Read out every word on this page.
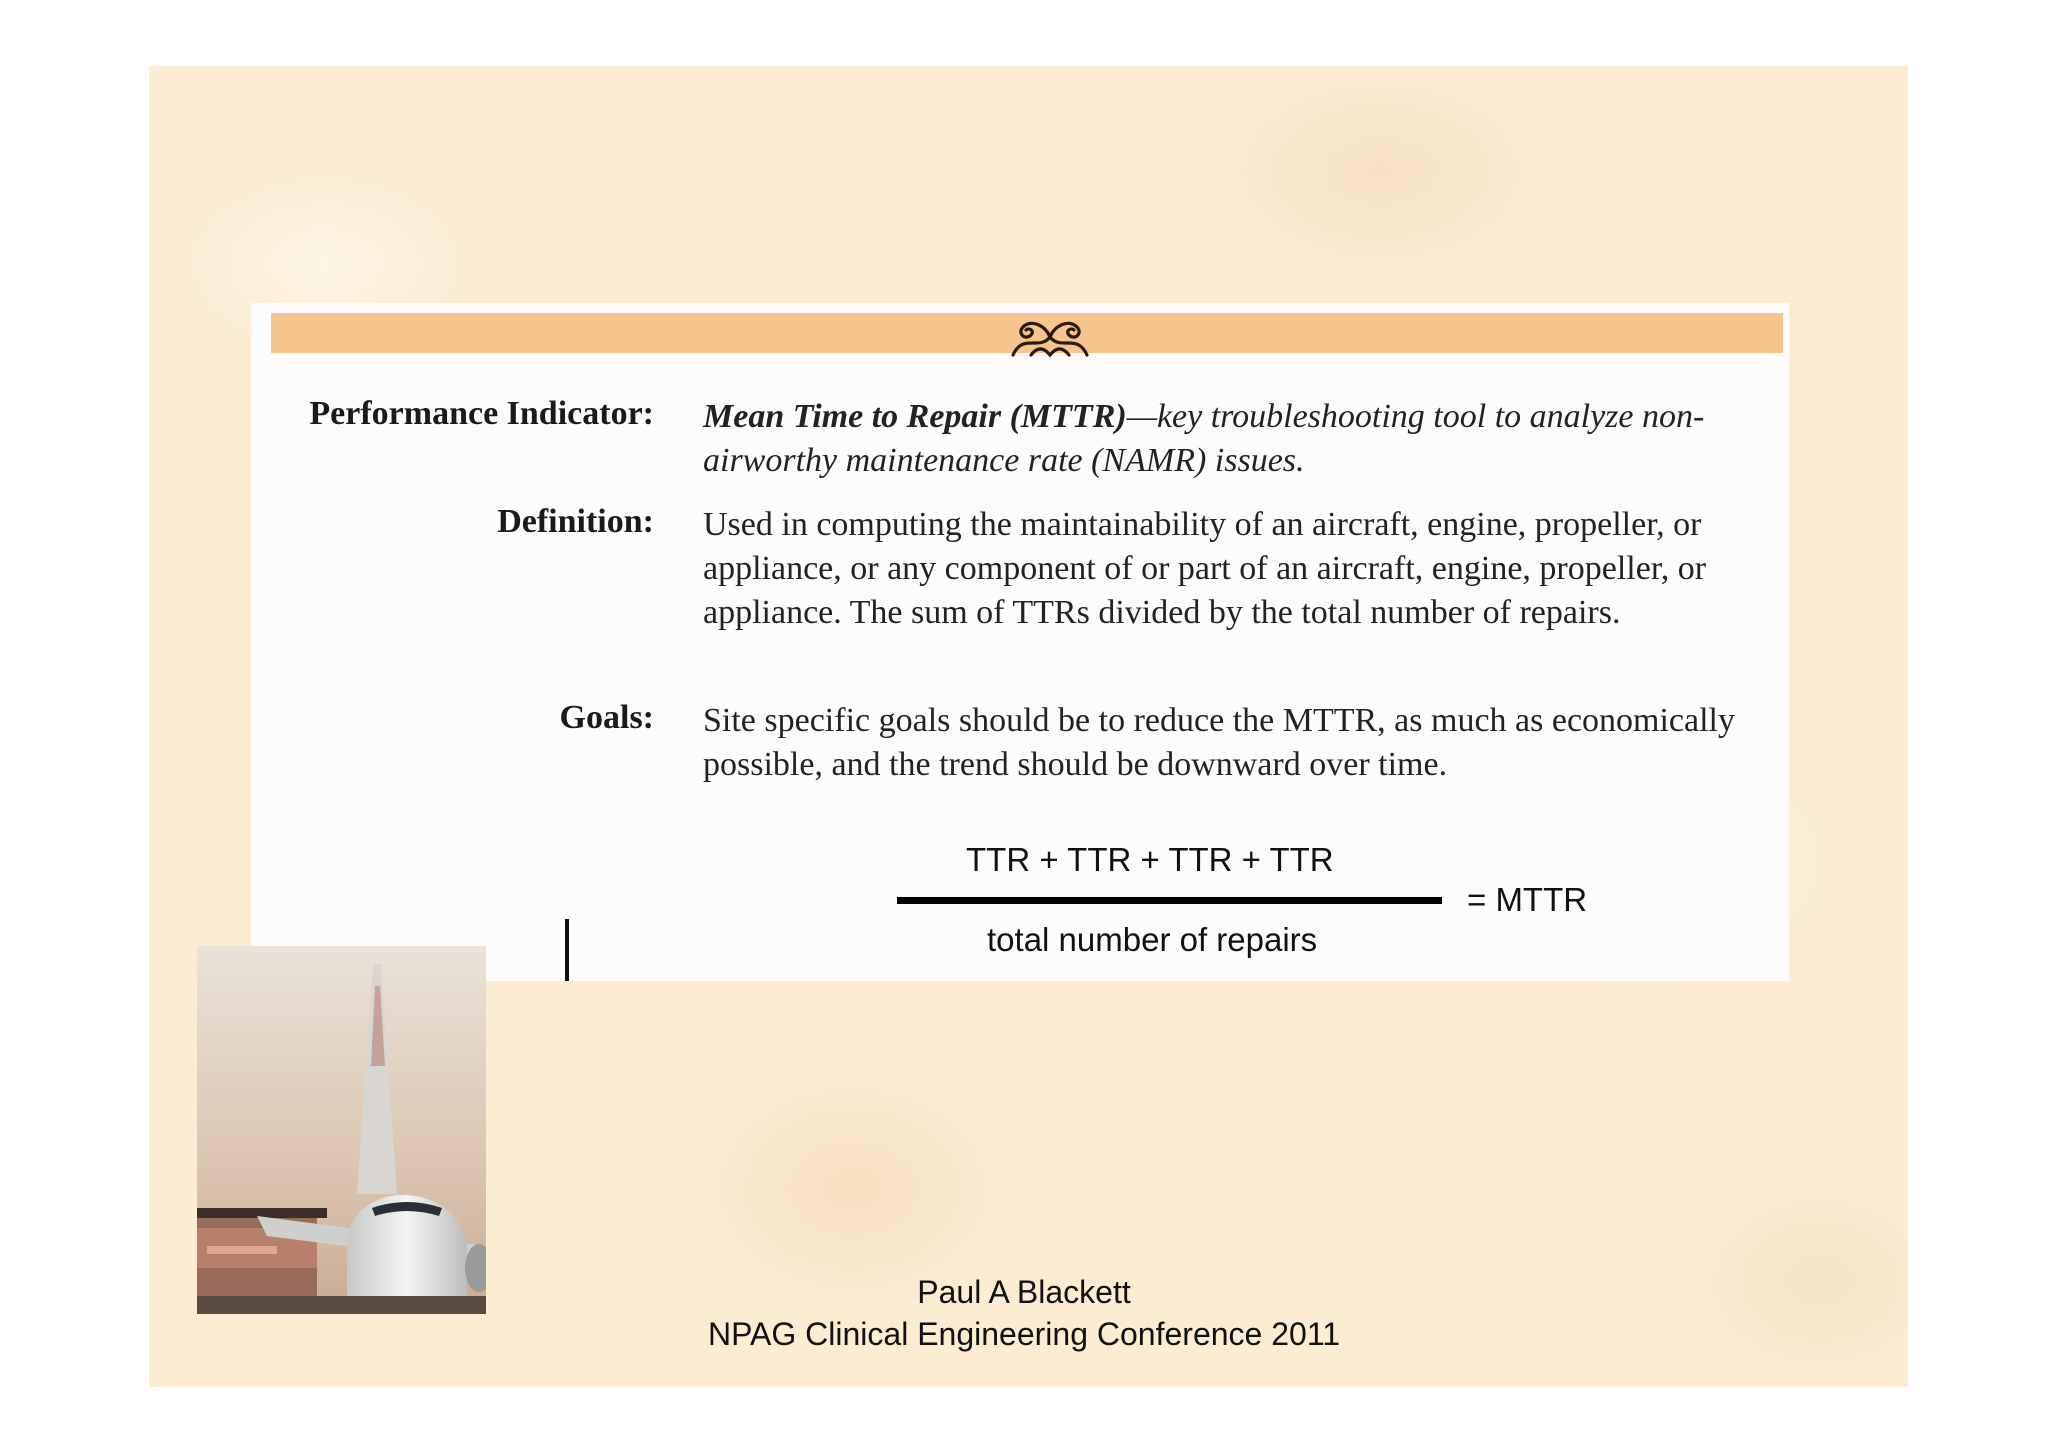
Performance Indicator: Mean Time to Repair (MTTR)—key troubleshooting tool to analyze non-airworthy maintenance rate (NAMR) issues.
Definition: Used in computing the maintainability of an aircraft, engine, propeller, or appliance, or any component of or part of an aircraft, engine, propeller, or appliance. The sum of TTRs divided by the total number of repairs.
Goals: Site specific goals should be to reduce the MTTR, as much as economically possible, and the trend should be downward over time.
TTR + TTR + TTR + TTR
= MTTR
total number of repairs
Paul A Blackett
NPAG Clinical Engineering Conference 2011
